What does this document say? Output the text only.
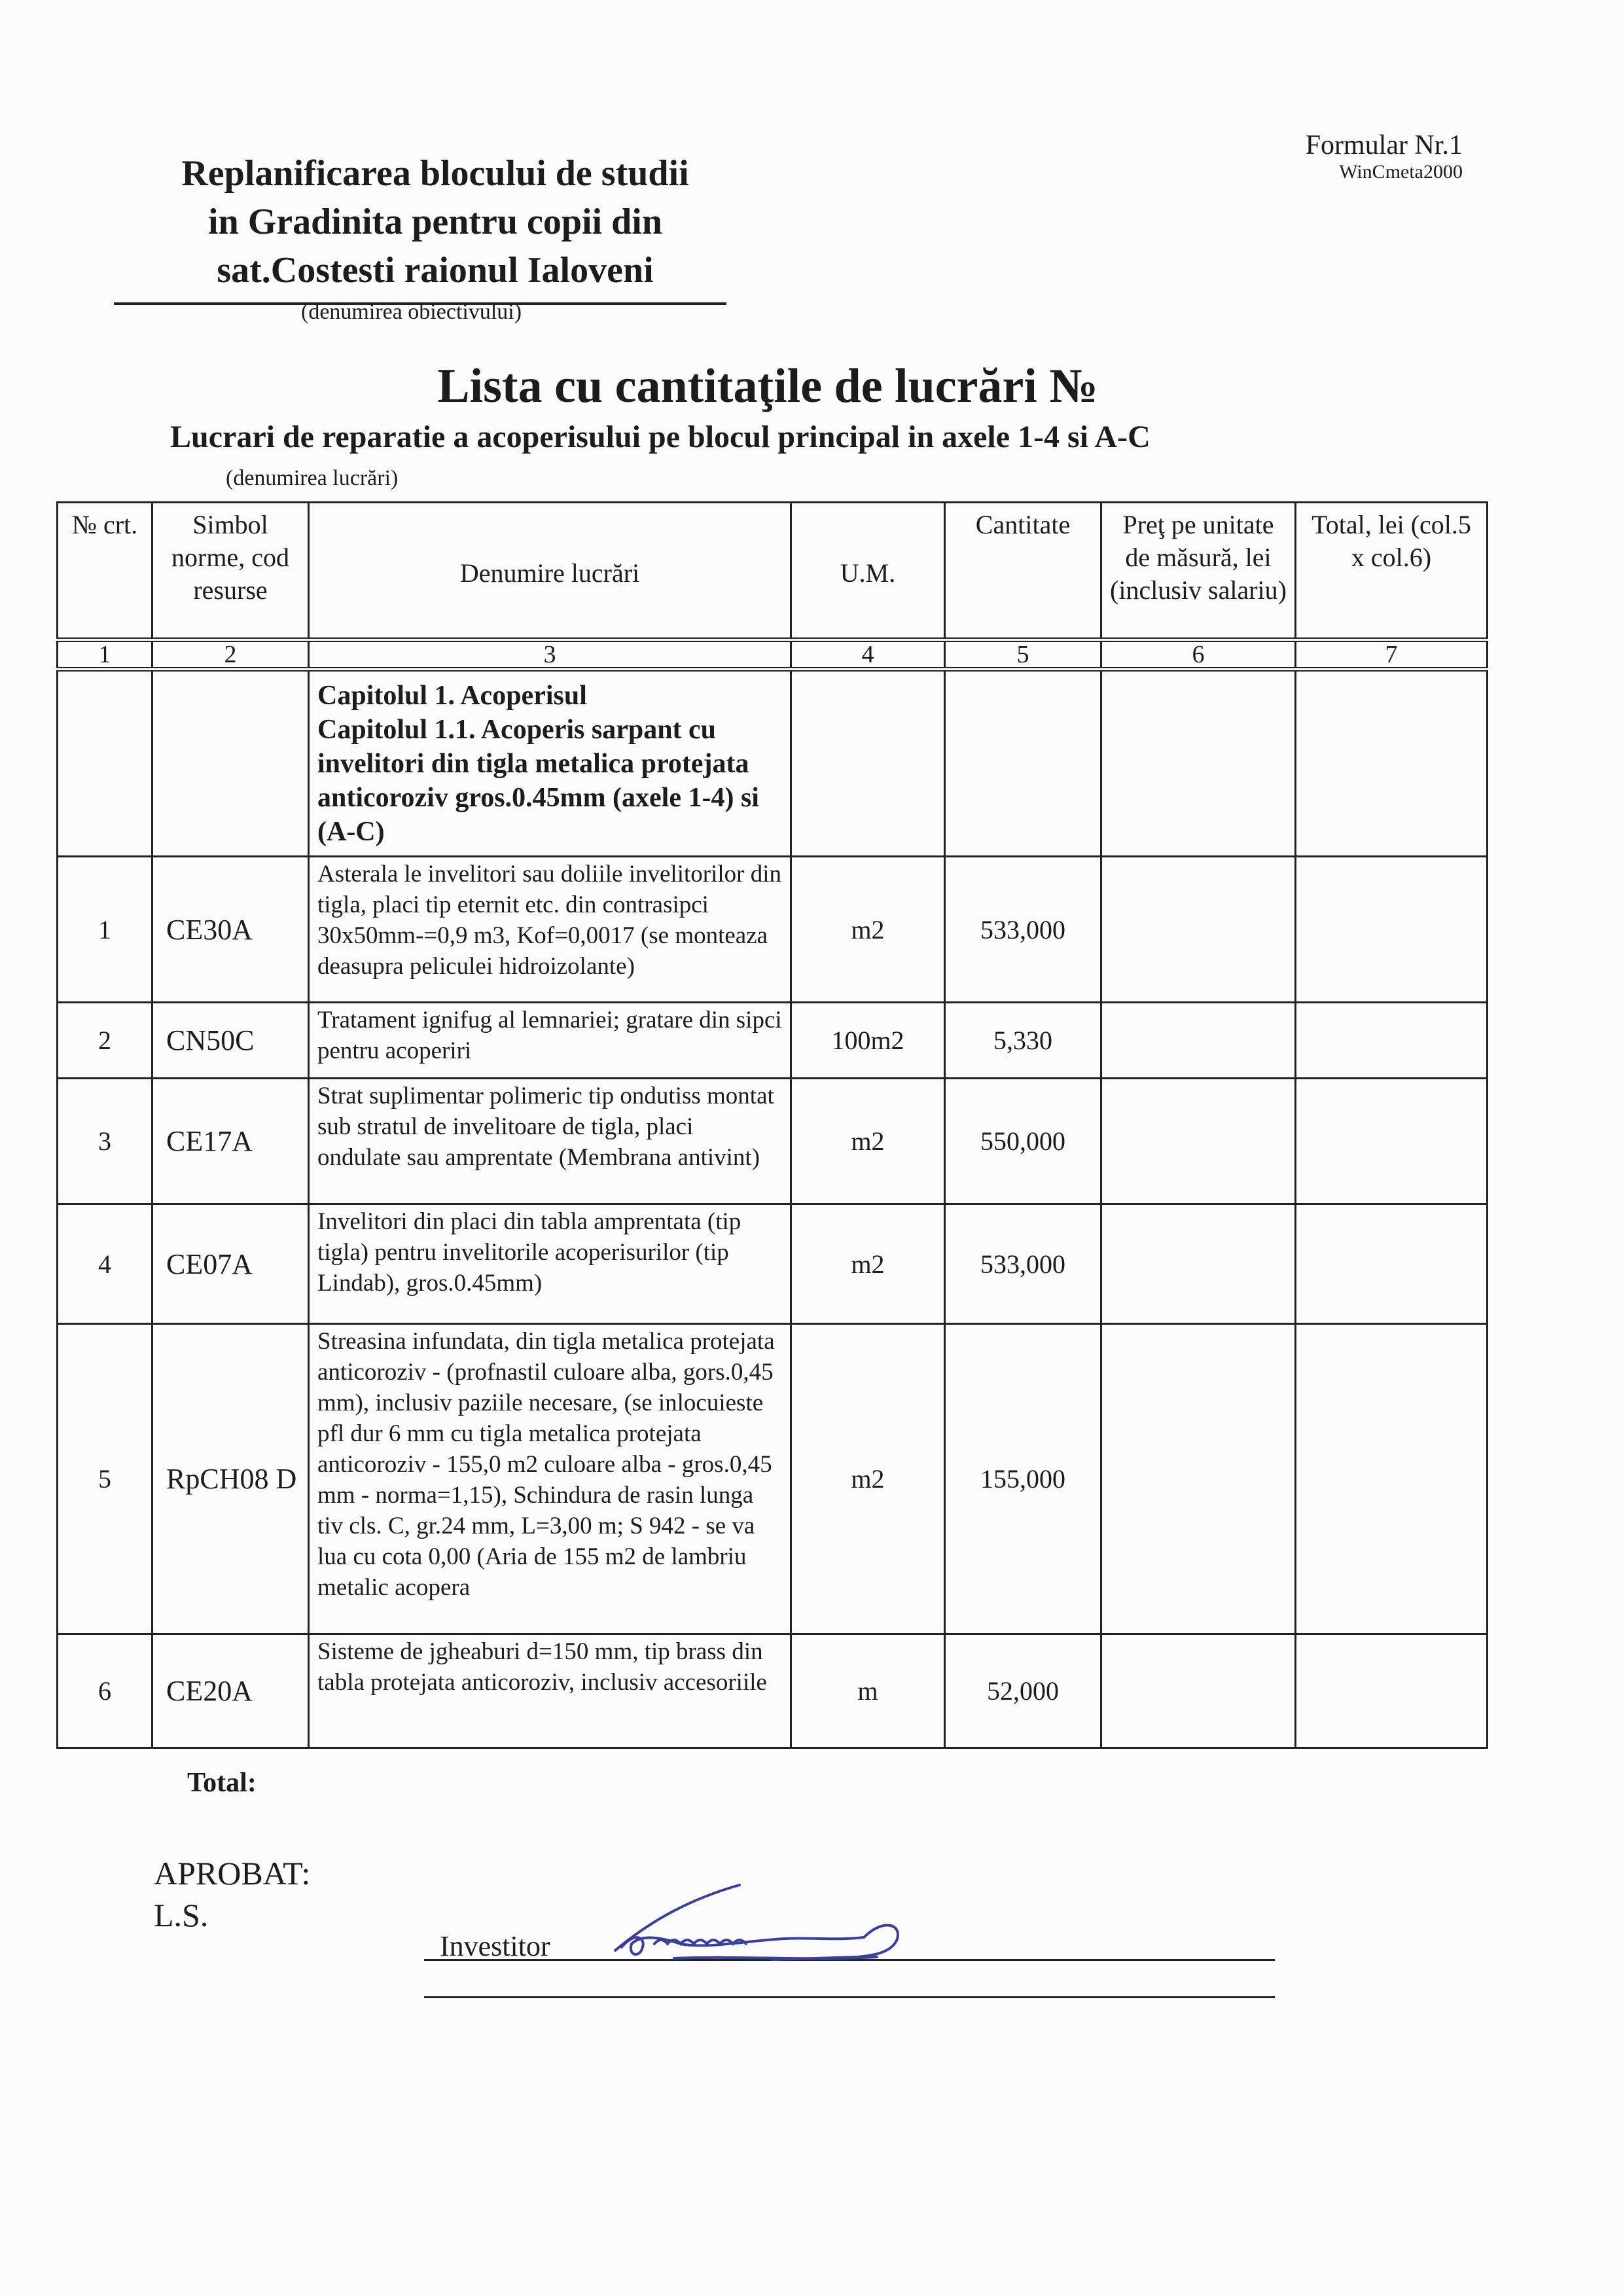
Formular Nr.1
WinCmeta2000
Replanificarea blocului de studii
in Gradinita pentru copii din
sat.Costesti raionul Ialoveni
(denumirea obiectivului)
Lista cu cantitaţile de lucrări №
Lucrari de reparatie a acoperisului pe blocul principal in axele 1-4 si A-C
(denumirea lucrări)
№ crt.	Simbol norme, cod resurse	Denumire lucrări	U.M.	Cantitate	Preţ pe unitate de măsură, lei (inclusiv salariu)	Total, lei (col.5 x col.6)
1	2	3	4	5	6	7

		Capitolul 1. Acoperisul
Capitolul 1.1. Acoperis sarpant cu invelitori din tigla metalica protejata anticoroziv gros.0.45mm (axele 1-4) si (A-C)				

1	CE30A	Asterala le invelitori sau doliile invelitorilor din tigla, placi tip eternit etc. din contrasipci 30x50mm-=0,9 m3, Kof=0,0017 (se monteaza deasupra peliculei hidroizolante)	m2	533,000		
2	CN50C	Tratament ignifug al lemnariei; gratare din sipci pentru acoperiri	100m2	5,330		
3	CE17A	Strat suplimentar polimeric tip ondutiss montat sub stratul de invelitoare de tigla, placi ondulate sau amprentate (Membrana antivint)	m2	550,000		
4	CE07A	Invelitori din placi din tabla amprentata (tip tigla) pentru invelitorile acoperisurilor (tip Lindab), gros.0.45mm)	m2	533,000		
5	RpCH08 D	Streasina infundata, din tigla metalica protejata anticoroziv - (profnastil culoare alba, gors.0,45 mm), inclusiv paziile necesare, (se inlocuieste pfl dur 6 mm cu tigla metalica protejata anticoroziv - 155,0 m2 culoare alba - gros.0,45 mm - norma=1,15), Schindura de rasin lunga tiv cls. C, gr.24 mm, L=3,00 m; S 942 - se va lua cu cota 0,00 (Aria de 155 m2 de lambriu metalic acopera	m2	155,000		
6	CE20A	Sisteme de jgheaburi d=150 mm, tip brass din tabla protejata anticoroziv, inclusiv accesoriile	m	52,000		
Total:
APROBAT:
L.S.
Investitor
